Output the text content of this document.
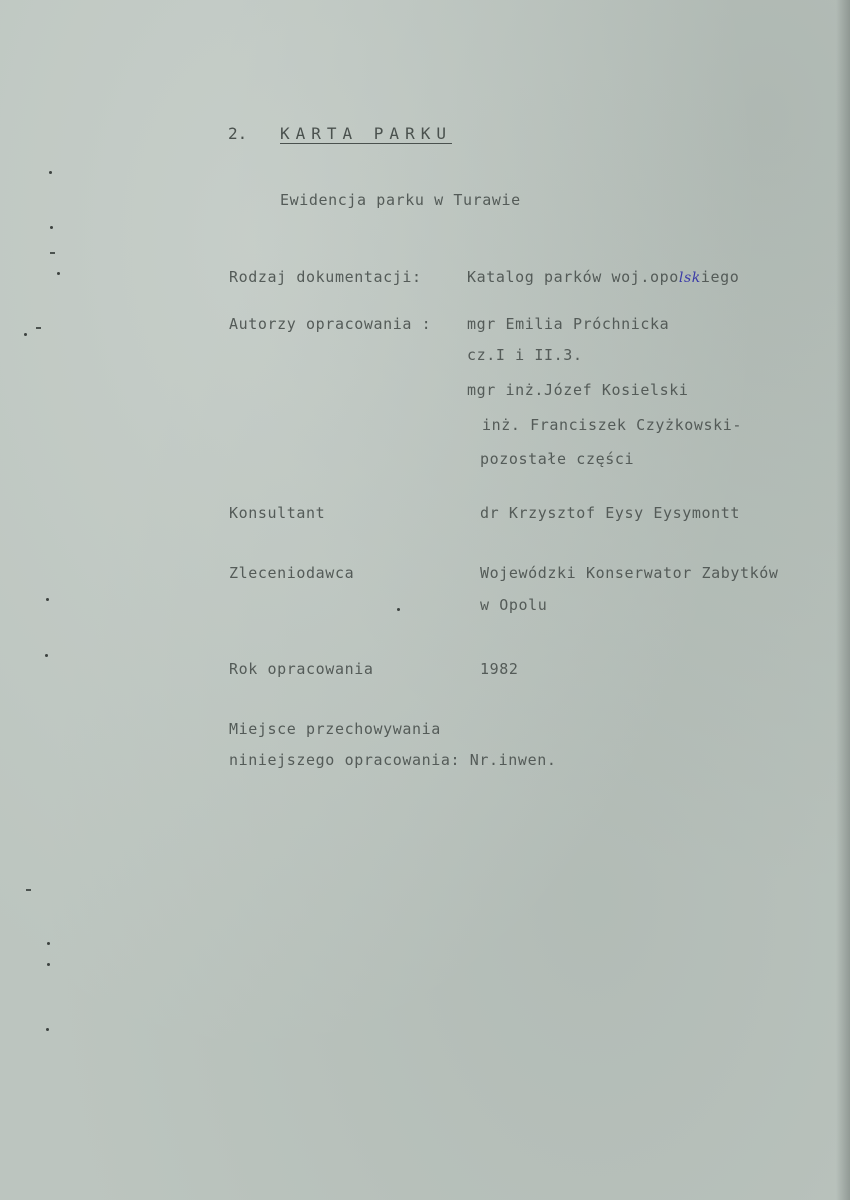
2. KARTA PARKU
Ewidencja parku w Turawie
Rodzaj dokumentacji:	Katalog parków woj.opolskiego
Autorzy opracowania : mgr Emilia Próchnicka
cz.I i II.3.
mgr inż.Józef Kosielski
inż. Franciszek Czyżkowski-
pozostałe części
Konsultant	dr Krzysztof Eysy Eysymontt
Zleceniodawca	Wojewódzki Konserwator Zabytków
w Opolu
Rok opracowania	1982
Miejsce przechowywania
niniejszego opracowania: Nr.inwen.
